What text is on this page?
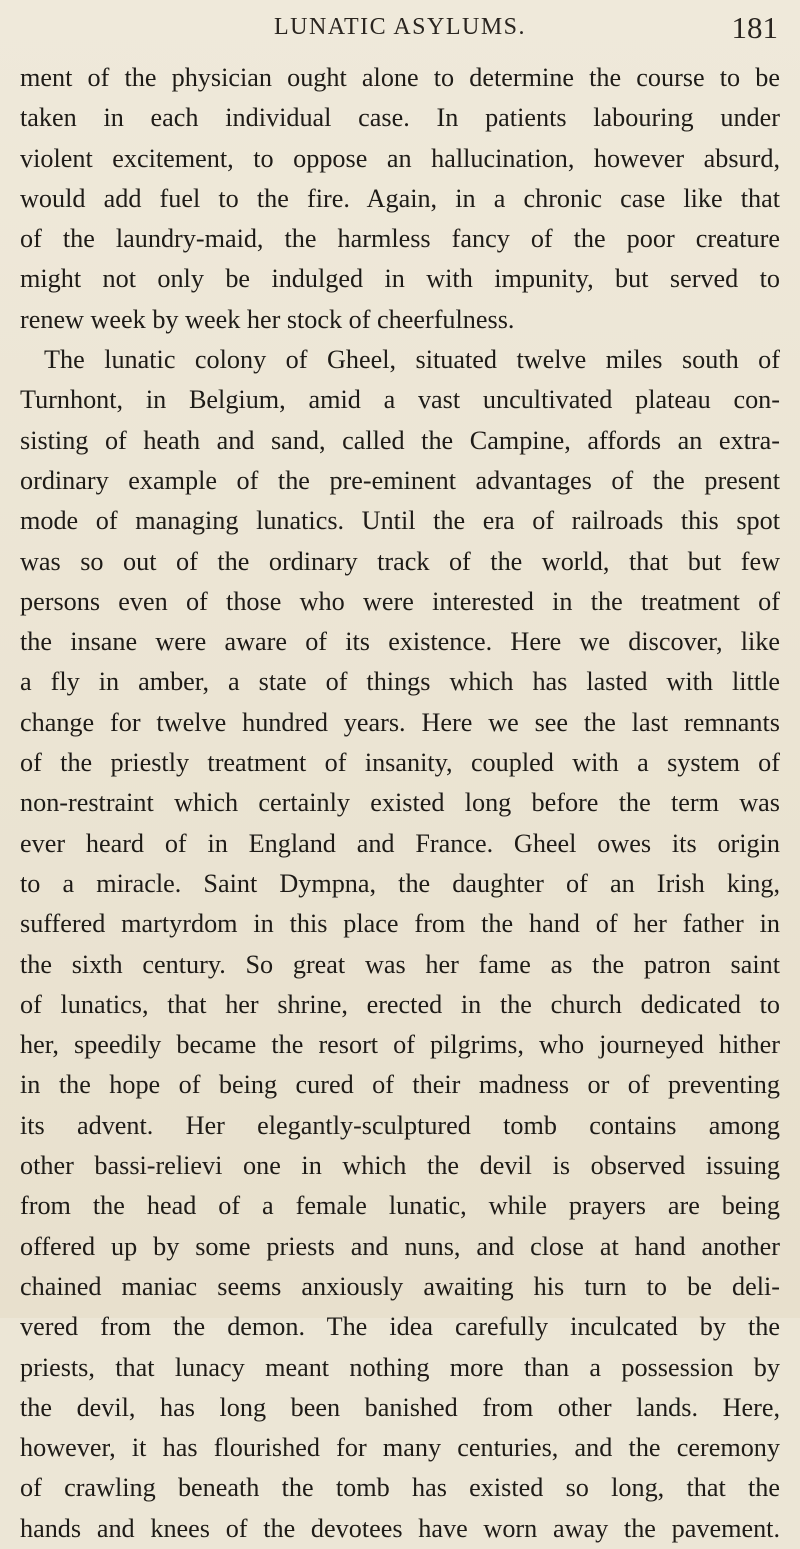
LUNATIC ASYLUMS.	181
ment of the physician ought alone to determine the course to be
taken in each individual case. In patients labouring under
violent excitement, to oppose an hallucination, however absurd,
would add fuel to the fire. Again, in a chronic case like that
of the laundry-maid, the harmless fancy of the poor creature
might not only be indulged in with impunity, but served to
renew week by week her stock of cheerfulness.
The lunatic colony of Gheel, situated twelve miles south of
Turnhont, in Belgium, amid a vast uncultivated plateau con-
sisting of heath and sand, called the Campine, affords an extra-
ordinary example of the pre-eminent advantages of the present
mode of managing lunatics. Until the era of railroads this spot
was so out of the ordinary track of the world, that but few
persons even of those who were interested in the treatment of
the insane were aware of its existence. Here we discover, like
a fly in amber, a state of things which has lasted with little
change for twelve hundred years. Here we see the last remnants
of the priestly treatment of insanity, coupled with a system of
non-restraint which certainly existed long before the term was
ever heard of in England and France. Gheel owes its origin
to a miracle. Saint Dympna, the daughter of an Irish king,
suffered martyrdom in this place from the hand of her father in
the sixth century. So great was her fame as the patron saint
of lunatics, that her shrine, erected in the church dedicated to
her, speedily became the resort of pilgrims, who journeyed hither
in the hope of being cured of their madness or of preventing
its advent. Her elegantly-sculptured tomb contains among
other bassi-relievi one in which the devil is observed issuing
from the head of a female lunatic, while prayers are being
offered up by some priests and nuns, and close at hand another
chained maniac seems anxiously awaiting his turn to be deli-
vered from the demon. The idea carefully inculcated by the
priests, that lunacy meant nothing more than a possession by
the devil, has long been banished from other lands. Here,
however, it has flourished for many centuries, and the ceremony
of crawling beneath the tomb has existed so long, that the
hands and knees of the devotees have worn away the pavement.
